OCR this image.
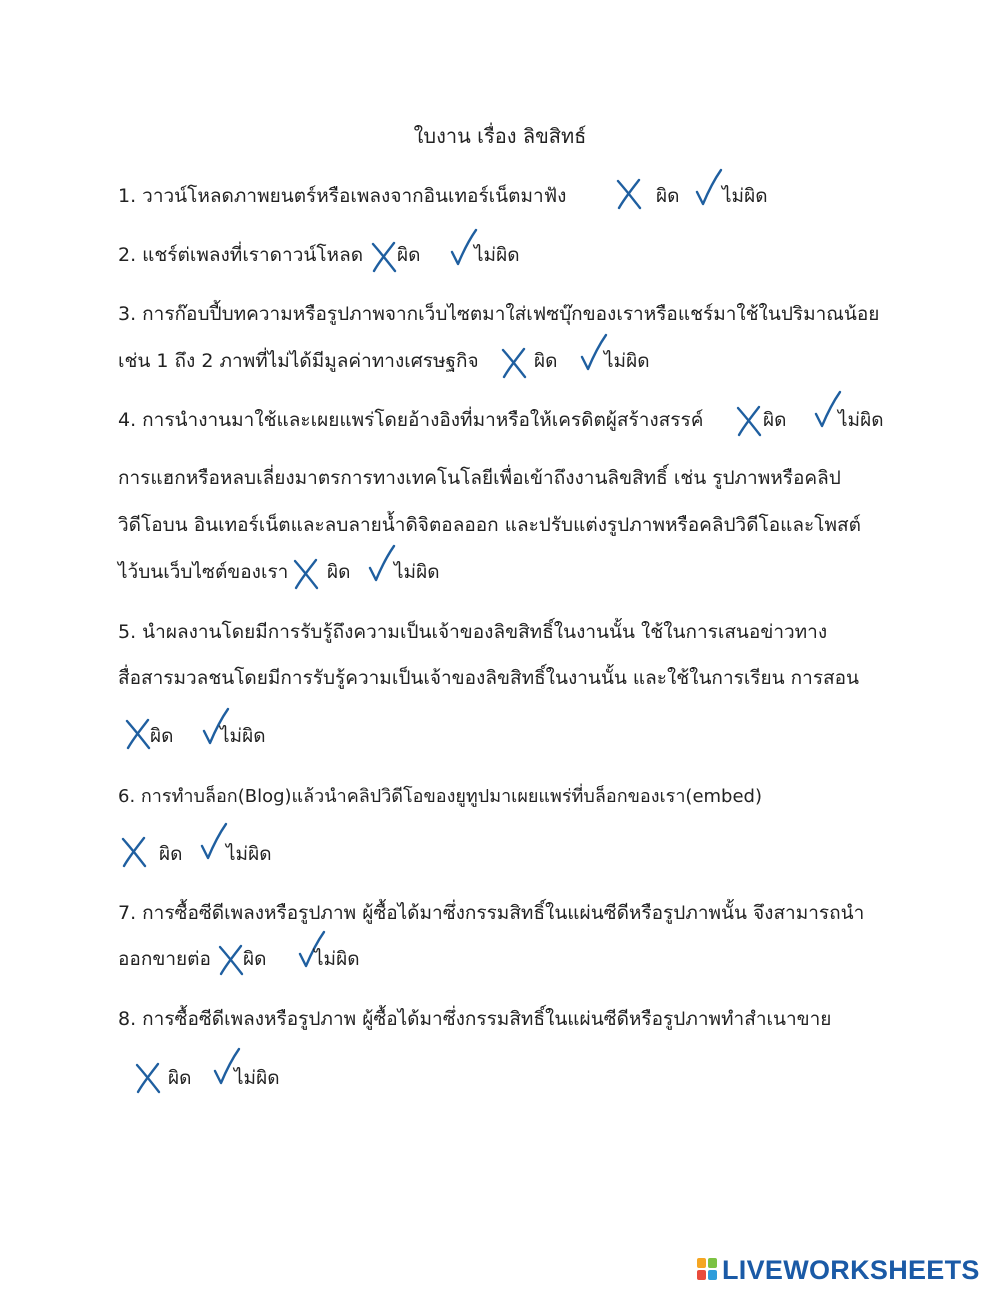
ใบงาน เรื่อง ลิขสิทธ์
1. วาวน์โหลดภาพยนตร์หรือเพลงจากอินเทอร์เน็ตมาฟัง	ผิด ไม่ผิด
2. แชร์ต่เพลงที่เราดาวน์โหลด ผิด	ไม่ผิด
3. การก๊อบปี้บทความหรือรูปภาพจากเว็บไซตมาใส่เฟซบุ๊กของเราหรือแชร์มาใช้ในปริมาณน้อย
เช่น 1 ถึง 2 ภาพที่ไม่ได้มีมูลค่าทางเศรษฐกิจ	ผิด ไม่ผิด
4. การนำงานมาใช้และเผยแพร่โดยอ้างอิงที่มาหรือให้เครดิตผู้สร้างสรรค์	ผิด	ไม่ผิด
การแฮกหรือหลบเลี่ยงมาตรการทางเทคโนโลยีเพื่อเข้าถึงงานลิขสิทธิ์ เช่น รูปภาพหรือคลิป
วิดีโอบน อินเทอร์เน็ตและลบลายน้ำดิจิตอลออก และปรับแต่งรูปภาพหรือคลิปวิดีโอและโพสต์
ไว้บนเว็บไซต์ของเรา ผิด ไม่ผิด
5. นำผลงานโดยมีการรับรู้ถึงความเป็นเจ้าของลิขสิทธิ์ในงานนั้น ใช้ในการเสนอข่าวทาง
สื่อสารมวลชนโดยมีการรับรู้ความเป็นเจ้าของลิขสิทธิ์ในงานนั้น และใช้ในการเรียน การสอน
ผิด ไม่ผิด
6. การทำบล็อก(Blog)แล้วนำคลิปวิดีโอของยูทูปมาเผยแพร่ที่บล็อกของเรา(embed)
ผิด ไม่ผิด
7. การซื้อซีดีเพลงหรือรูปภาพ ผู้ซื้อได้มาซึ่งกรรมสิทธิ์ในแผ่นซีดีหรือรูปภาพนั้น จึงสามารถนำ
ออกขายต่อ ผิด	ไม่ผิด
8. การซื้อซีดีเพลงหรือรูปภาพ ผู้ซื้อได้มาซึ่งกรรมสิทธิ์ในแผ่นซีดีหรือรูปภาพทำสำเนาขาย
ผิด ไม่ผิด
LIVEWORKSHEETS
